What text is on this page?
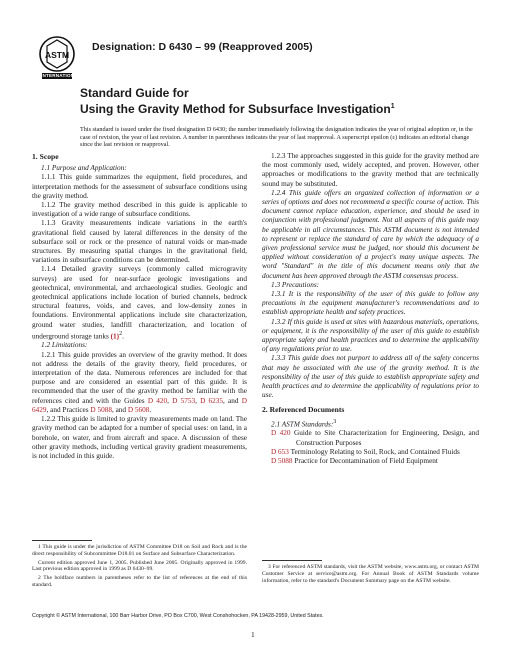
ASTM
INTERNATIONAL
Designation: D 6430 – 99 (Reapproved 2005)
Standard Guide for
Using the Gravity Method for Subsurface Investigation$^1$
This standard is issued under the fixed designation D 6430; the number immediately following the designation indicates the year of original adoption or, in the case of revision, the year of last revision. A number in parentheses indicates the year of last reapproval. A superscript epsilon (ε) indicates an editorial change since the last revision or reapproval.

1. Scope

1.1 Purpose and Application:

1.1.1 This guide summarizes the equipment, field procedures, and interpretation methods for the assessment of subsurface conditions using the gravity method.

1.1.2 The gravity method described in this guide is applicable to investigation of a wide range of subsurface conditions.

1.1.3 Gravity measurements indicate variations in the earth's gravitational field caused by lateral differences in the density of the subsurface soil or rock or the presence of natural voids or man-made structures. By measuring spatial changes in the gravitational field, variations in subsurface conditions can be determined.

1.1.4 Detailed gravity surveys (commonly called microgravity surveys) are used for near-surface geologic investigations and geotechnical, environmental, and archaeological studies. Geologic and geotechnical applications include location of buried channels, bedrock structural features, voids, and caves, and low-density zones in foundations. Environmental applications include site characterization, ground water studies, landfill characterization, and location of underground storage tanks $(1)^2$.

1.2 Limitations:

1.2.1 This guide provides an overview of the gravity method. It does not address the details of the gravity theory, field procedures, or interpretation of the data. Numerous references are included for that purpose and are considered an essential part of this guide. It is recommended that the user of the gravity method be familiar with the references cited and with the Guides D 420, D 5753, D 6235, and D 6429, and Practices D 5088, and D 5608.

1.2.2 This guide is limited to gravity measurements made on land. The gravity method can be adapted for a number of special uses: on land, in a borehole, on water, and from aircraft and space. A discussion of these other gravity methods, including vertical gravity gradient measurements, is not included in this guide.

1.2.3 The approaches suggested in this guide for the gravity method are the most commonly used, widely accepted, and proven. However, other approaches or modifications to the gravity method that are technically sound may be substituted.

1.2.4 This guide offers an organized collection of information or a series of options and does not recommend a specific course of action. This document cannot replace education, experience, and should be used in conjunction with professional judgment. Not all aspects of this guide may be applicable in all circumstances. This ASTM document is not intended to represent or replace the standard of care by which the adequacy of a given professional service must be judged, nor should this document be applied without consideration of a project's many unique aspects. The word "Standard" in the title of this document means only that the document has been approved through the ASTM consensus process.

1.3 Precautions:

1.3.1 It is the responsibility of the user of this guide to follow any precautions in the equipment manufacturer's recommendations and to establish appropriate health and safety practices.

1.3.2 If this guide is used at sites with hazardous materials, operations, or equipment, it is the responsibility of the user of this guide to establish appropriate safety and health practices and to determine the applicability of any regulations prior to use.

1.3.3 This guide does not purport to address all of the safety concerns that may be associated with the use of the gravity method. It is the responsibility of the user of this guide to establish appropriate safety and health practices and to determine the applicability of regulations prior to use.

2. Referenced Documents

2.1 ASTM Standards:$^3$

D 420 Guide to Site Characterization for Engineering, Design, and Construction Purposes

D 653 Terminology Relating to Soil, Rock, and Contained Fluids

D 5088 Practice for Decontamination of Field Equipment

1 This guide is under the jurisdiction of ASTM Committee D18 on Soil and Rock and is the direct responsibility of Subcommittee D18.01 on Surface and Subsurface Characterization.

Current edition approved June 1, 2005. Published June 2005. Originally approved in 1999. Last previous edition approved in 1999 as D 6430–99.

2 The boldface numbers in parentheses refer to the list of references at the end of this standard.

3 For referenced ASTM standards, visit the ASTM website, www.astm.org, or contact ASTM Customer Service at service@astm.org. For Annual Book of ASTM Standards volume information, refer to the standard's Document Summary page on the ASTM website.

Copyright © ASTM International, 100 Barr Harbor Drive, PO Box C700, West Conshohocken, PA 19428-2959, United States.
1
